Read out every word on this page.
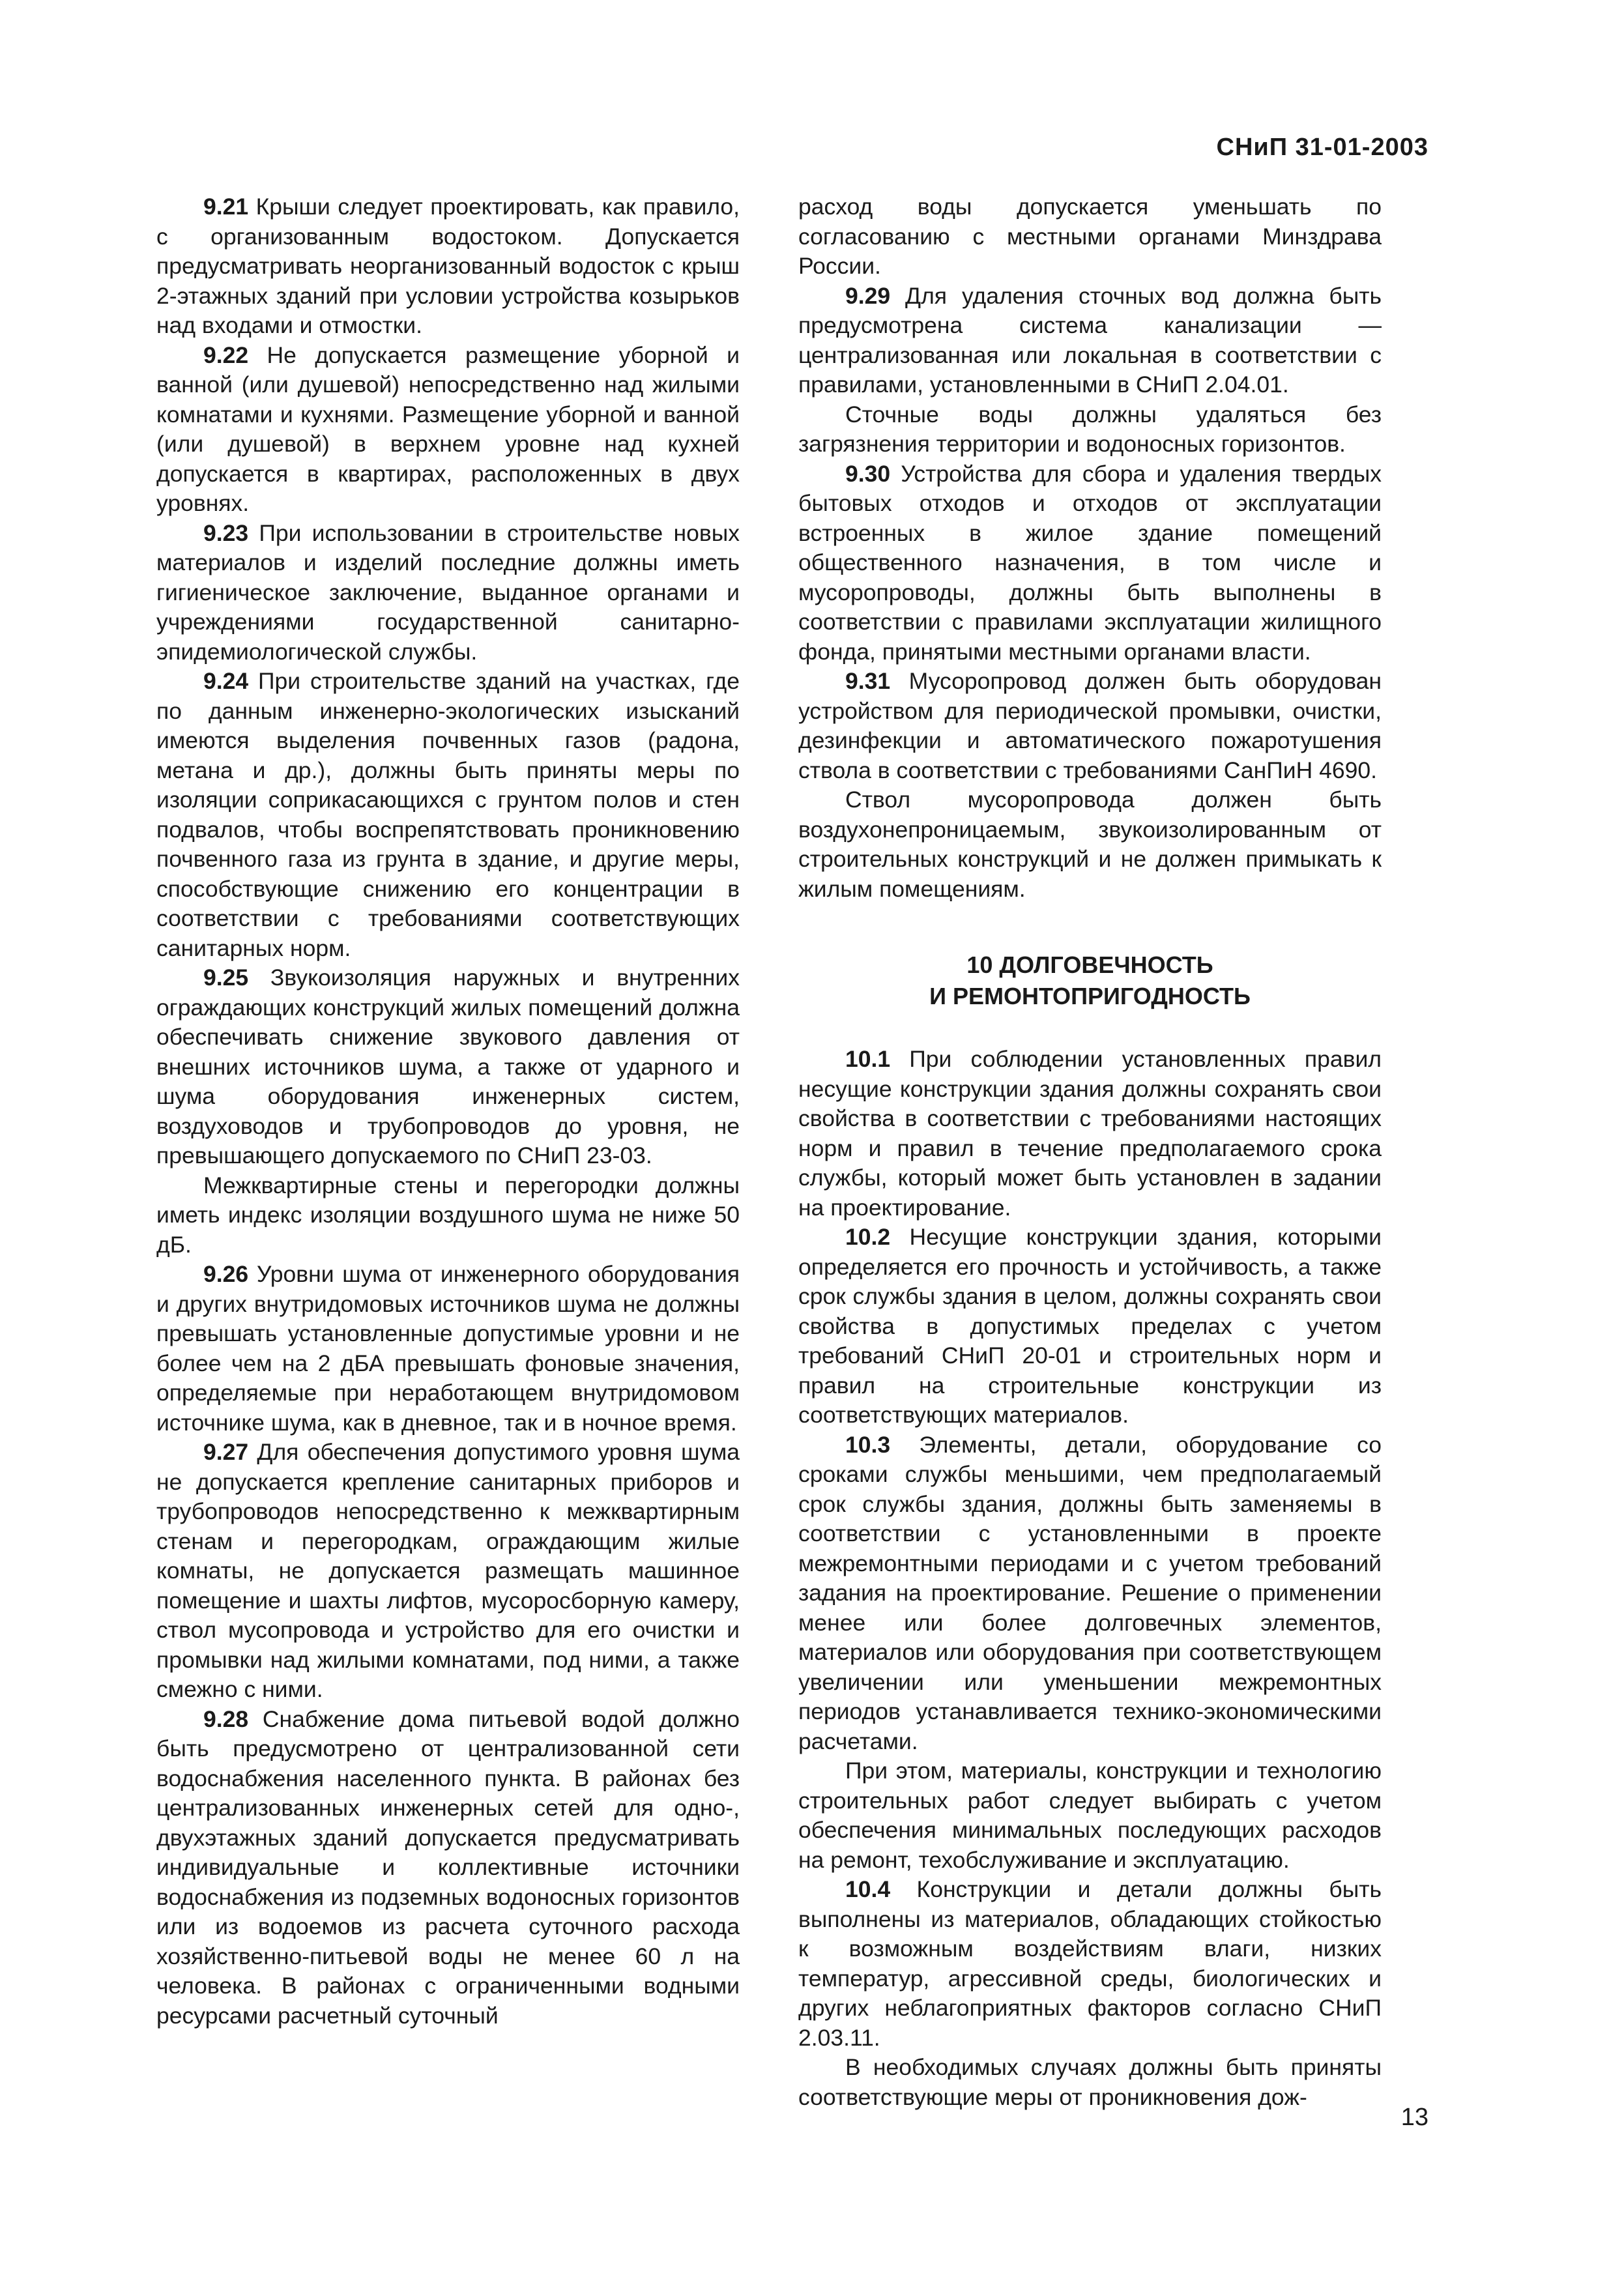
СНиП 31-01-2003

9.21 Крыши следует проектировать, как правило, с организованным водостоком. Допускается предусматривать неорганизованный водосток с крыш 2-этажных зданий при условии устройства козырьков над входами и отмостки.

9.22 Не допускается размещение уборной и ванной (или душевой) непосредственно над жилыми комнатами и кухнями. Размещение уборной и ванной (или душевой) в верхнем уровне над кухней допускается в квартирах, расположенных в двух уровнях.

9.23 При использовании в строительстве новых материалов и изделий последние должны иметь гигиеническое заключение, выданное органами и учреждениями государственной санитарно-эпидемиологической службы.

9.24 При строительстве зданий на участках, где по данным инженерно-экологических изысканий имеются выделения почвенных газов (радона, метана и др.), должны быть приняты меры по изоляции соприкасающихся с грунтом полов и стен подвалов, чтобы воспрепятствовать проникновению почвенного газа из грунта в здание, и другие меры, способствующие снижению его концентрации в соответствии с требованиями соответствующих санитарных норм.

9.25 Звукоизоляция наружных и внутренних ограждающих конструкций жилых помещений должна обеспечивать снижение звукового давления от внешних источников шума, а также от ударного и шума оборудования инженерных систем, воздуховодов и трубопроводов до уровня, не превышающего допускаемого по СНиП 23-03.

Межквартирные стены и перегородки должны иметь индекс изоляции воздушного шума не ниже 50 дБ.

9.26 Уровни шума от инженерного оборудования и других внутридомовых источников шума не должны превышать установленные допустимые уровни и не более чем на 2 дБА превышать фоновые значения, определяемые при неработающем внутридомовом источнике шума, как в дневное, так и в ночное время.

9.27 Для обеспечения допустимого уровня шума не допускается крепление санитарных приборов и трубопроводов непосредственно к межквартирным стенам и перегородкам, ограждающим жилые комнаты, не допускается размещать машинное помещение и шахты лифтов, мусоросборную камеру, ствол мусопровода и устройство для его очистки и промывки над жилыми комнатами, под ними, а также смежно с ними.

9.28 Снабжение дома питьевой водой должно быть предусмотрено от централизованной сети водоснабжения населенного пункта. В районах без централизованных инженерных сетей для одно-, двухэтажных зданий допускается предусматривать индивидуальные и коллективные источники водоснабжения из подземных водоносных горизонтов или из водоемов из расчета суточного расхода хозяйственно-питьевой воды не менее 60 л на человека. В районах с ограниченными водными ресурсами расчетный суточный

расход воды допускается уменьшать по согласованию с местными органами Минздрава России.

9.29 Для удаления сточных вод должна быть предусмотрена система канализации — централизованная или локальная в соответствии с правилами, установленными в СНиП 2.04.01.

Сточные воды должны удаляться без загрязнения территории и водоносных горизонтов.

9.30 Устройства для сбора и удаления твердых бытовых отходов и отходов от эксплуатации встроенных в жилое здание помещений общественного назначения, в том числе и мусоропроводы, должны быть выполнены в соответствии с правилами эксплуатации жилищного фонда, принятыми местными органами власти.

9.31 Мусоропровод должен быть оборудован устройством для периодической промывки, очистки, дезинфекции и автоматического пожаротушения ствола в соответствии с требованиями СанПиН 4690.

Ствол мусоропровода должен быть воздухонепроницаемым, звукоизолированным от строительных конструкций и не должен примыкать к жилым помещениям.

10 ДОЛГОВЕЧНОСТЬ
И РЕМОНТОПРИГОДНОСТЬ

10.1 При соблюдении установленных правил несущие конструкции здания должны сохранять свои свойства в соответствии с требованиями настоящих норм и правил в течение предполагаемого срока службы, который может быть установлен в задании на проектирование.

10.2 Несущие конструкции здания, которыми определяется его прочность и устойчивость, а также срок службы здания в целом, должны сохранять свои свойства в допустимых пределах с учетом требований СНиП 20-01 и строительных норм и правил на строительные конструкции из соответствующих материалов.

10.3 Элементы, детали, оборудование со сроками службы меньшими, чем предполагаемый срок службы здания, должны быть заменяемы в соответствии с установленными в проекте межремонтными периодами и с учетом требований задания на проектирование. Решение о применении менее или более долговечных элементов, материалов или оборудования при соответствующем увеличении или уменьшении межремонтных периодов устанавливается технико-экономическими расчетами.

При этом, материалы, конструкции и технологию строительных работ следует выбирать с учетом обеспечения минимальных последующих расходов на ремонт, техобслуживание и эксплуатацию.

10.4 Конструкции и детали должны быть выполнены из материалов, обладающих стойкостью к возможным воздействиям влаги, низких температур, агрессивной среды, биологических и других неблагоприятных факторов согласно СНиП 2.03.11.

В необходимых случаях должны быть приняты соответствующие меры от проникновения дож-

13
